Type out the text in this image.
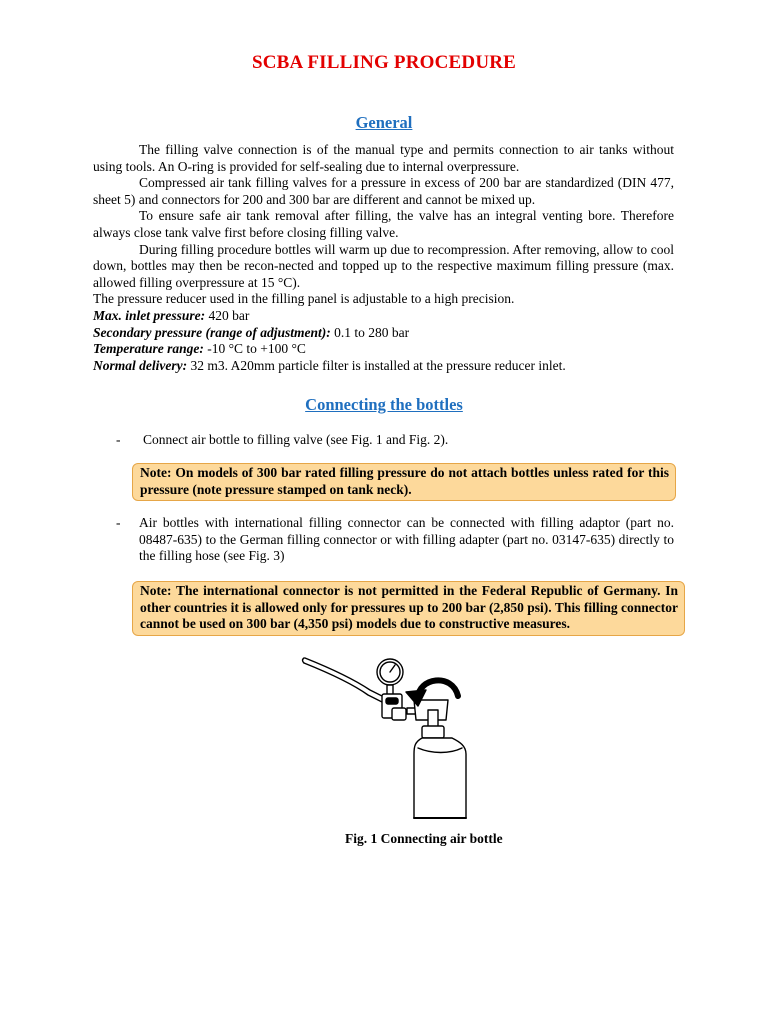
SCBA FILLING PROCEDURE
General

The filling valve connection is of the manual type and permits connection to air tanks without using tools. An O-ring is provided for self-sealing due to internal overpressure.

Compressed air tank filling valves for a pressure in excess of 200 bar are standardized (DIN 477, sheet 5) and connectors for 200 and 300 bar are different and cannot be mixed up.

To ensure safe air tank removal after filling, the valve has an integral venting bore. Therefore always close tank valve first before closing filling valve.

During filling procedure bottles will warm up due to recompression. After removing, allow to cool down, bottles may then be recon-nected and topped up to the respective maximum filling pressure (max. allowed filling overpressure at 15 °C).

The pressure reducer used in the filling panel is adjustable to a high precision.

Max. inlet pressure: 420 bar

Secondary pressure (range of adjustment): 0.1 to 280 bar

Temperature range: -10 °C to +100 °C

Normal delivery: 32 m3. A20mm particle filter is installed at the pressure reducer inlet.

Connecting the bottles
- Connect air bottle to filling valve (see Fig. 1 and Fig. 2).
Note: On models of 300 bar rated filling pressure do not attach bottles unless rated for this pressure (note pressure stamped on tank neck).
- Air bottles with international filling connector can be connected with filling adaptor (part no. 08487-635) to the German filling connector or with filling adapter (part no. 03147-635) directly to the filling hose (see Fig. 3)
Note: The international connector is not permitted in the Federal Republic of Germany. In other countries it is allowed only for pressures up to 200 bar (2,850 psi). This filling connector cannot be used on 300 bar (4,350 psi) models due to constructive measures.
Fig. 1 Connecting air bottle
